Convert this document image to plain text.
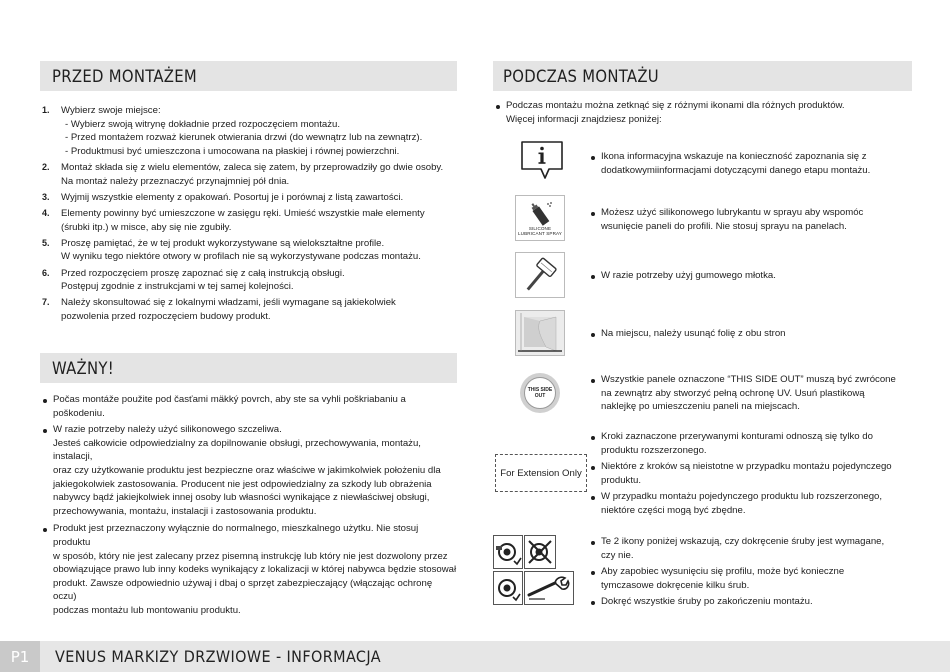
PRZED MONTAŻEM
1. Wybierz swoje miejsce:
- Wybierz swoją witrynę dokładnie przed rozpoczęciem montażu.
- Przed montażem rozważ kierunek otwierania drzwi (do wewnątrz lub na zewnątrz).
- Produktmusi być umieszczona i umocowana na płaskiej i równej powierzchni.
2. Montaż składa się z wielu elementów, zaleca się zatem, by przeprowadziły go dwie osoby.
Na montaż należy przeznaczyć przynajmniej pół dnia.
3. Wyjmij wszystkie elementy z opakowań. Posortuj je i porównaj z listą zawartości.
4. Elementy powinny być umieszczone w zasięgu ręki. Umieść wszystkie małe elementy
(śrubki itp.) w misce, aby się nie zgubiły.
5. Proszę pamiętać, że w tej produkt wykorzystywane są wielokształtne profile.
W wyniku tego niektóre otwory w profilach nie są wykorzystywane podczas montażu.
6. Przed rozpoczęciem proszę zapoznać się z całą instrukcją obsługi.
Postępuj zgodnie z instrukcjami w tej samej kolejności.
7. Należy skonsultować się z lokalnymi władzami, jeśli wymagane są jakiekolwiek
pozwolenia przed rozpoczęciem budowy produkt.
WAŻNY!
Počas montáže použite pod časťami mäkký povrch, aby ste sa vyhli poškriabaniu a poškodeniu.
W razie potrzeby należy użyć silikonowego szczeliwa.
Jesteś całkowicie odpowiedzialny za dopilnowanie obsługi, przechowywania, montażu, instalacji,
oraz czy użytkowanie produktu jest bezpieczne oraz właściwe w jakimkolwiek położeniu dla
jakiegokolwiek zastosowania. Producent nie jest odpowiedzialny za szkody lub obrażenia
nabywcy bądź jakiejkolwiek innej osoby lub własności wynikające z niewłaściwej obsługi,
przechowywania, montażu, instalacji i zastosowania produktu.
Produkt jest przeznaczony wyłącznie do normalnego, mieszkalnego użytku. Nie stosuj produktu
w sposób, który nie jest zalecany przez pisemną instrukcję lub który nie jest dozwolony przez
obowiązujące prawo lub inny kodeks wynikający z lokalizacji w której nabywca będzie stosował
produkt. Zawsze odpowiednio używaj i dbaj o sprzęt zabezpieczający (włączając ochronę oczu)
podczas montażu lub montowaniu produktu.
PODCZAS MONTAŻU
Podczas montażu można zetknąć się z różnymi ikonami dla różnych produktów.
Więcej informacji znajdziesz poniżej:
Ikona informacyjna wskazuje na konieczność zapoznania się z
dodatkowymiinformacjami dotyczącymi danego etapu montażu.
SILICONE
LUBRICANT SPRAY
Możesz użyć silikonowego lubrykantu w sprayu aby wspomóc
wsunięcie paneli do profili. Nie stosuj sprayu na panelach.
W razie potrzeby użyj gumowego młotka.
Na miejscu, należy usunąć folię z obu stron
THIS SIDE
OUT
Wszystkie panele oznaczone “THIS SIDE OUT” muszą być zwrócone
na zewnątrz aby stworzyć pełną ochronę UV. Usuń plastikową
naklejkę po umieszczeniu paneli na miejscach.
For Extension Only
Kroki zaznaczone przerywanymi konturami odnoszą się tylko do
produktu rozszerzonego.
Niektóre z kroków są nieistotne w przypadku montażu pojedynczego
produktu.
W przypadku montażu pojedynczego produktu lub rozszerzonego,
niektóre części mogą być zbędne.
Te 2 ikony poniżej wskazują, czy dokręcenie śruby jest wymagane,
czy nie.
Aby zapobiec wysunięciu się profilu, może być konieczne
tymczasowe dokręcenie kilku śrub.
Dokręć wszystkie śruby po zakończeniu montażu.
P1	VENUS MARKIZY DRZWIOWE - INFORMACJA
